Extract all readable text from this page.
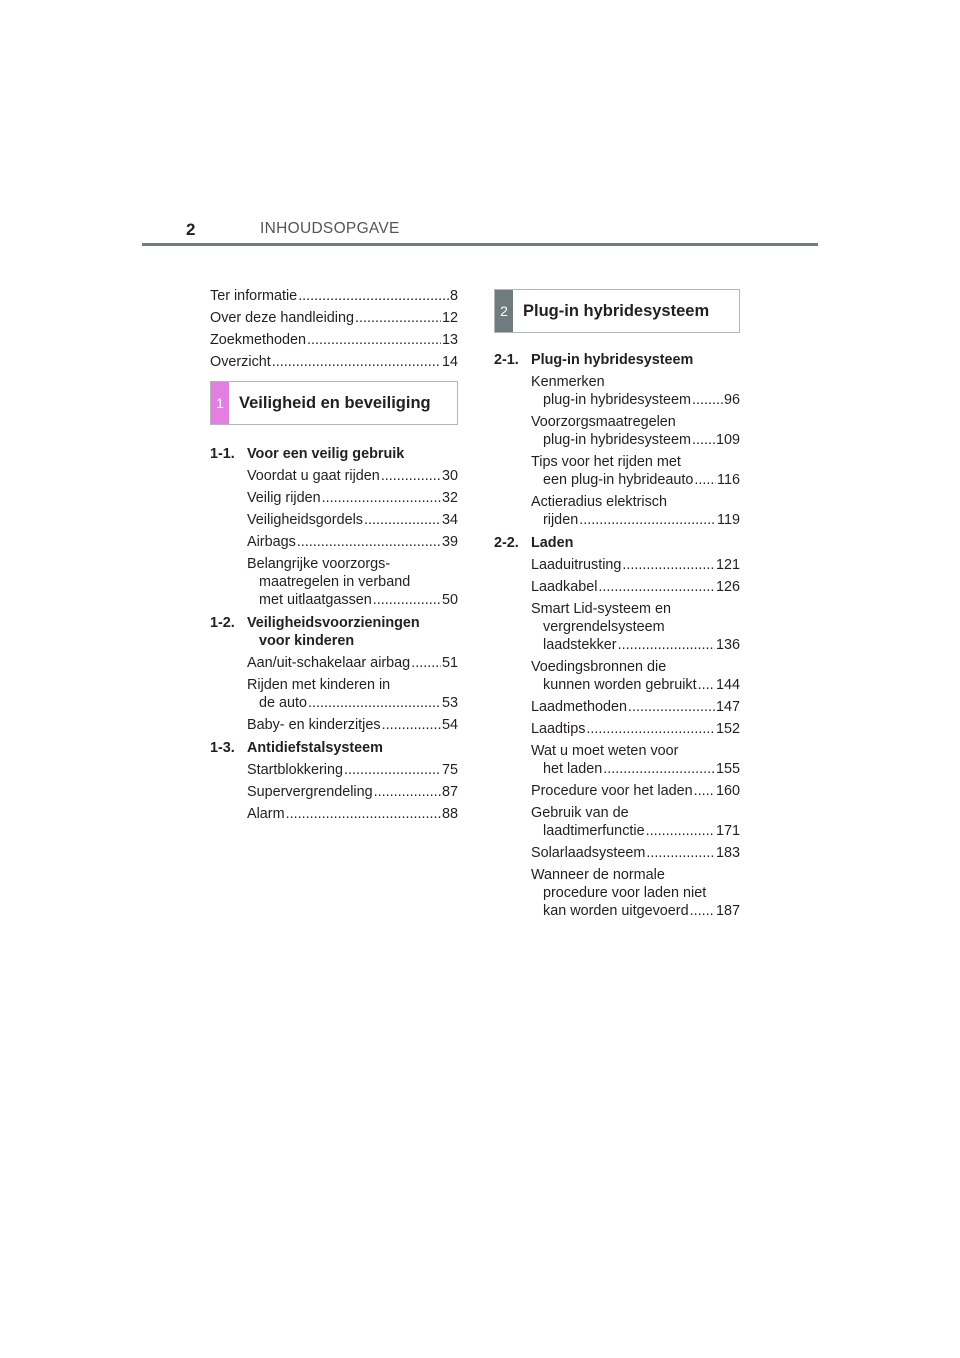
2	INHOUDSOPGAVE
Ter informatie .....	8
Over deze handleiding .....	12
Zoekmethoden .....	13
Overzicht .....	14
1 Veiligheid en beveiliging
1-1. Voor een veilig gebruik
Voordat u gaat rijden .....	30
Veilig rijden .....	32
Veiligheidsgordels .....	34
Airbags .....	39
Belangrijke voorzorgs-
maatregelen in verband
met uitlaatgassen .....	50
1-2. Veiligheidsvoorzieningen
voor kinderen
Aan/uit-schakelaar airbag ..... 51
Rijden met kinderen in
de auto .....	53
Baby- en kinderzitjes .....	54
1-3. Antidiefstalsysteem
Startblokkering .....	75
Supervergrendeling .....	87
Alarm .....	88
2 Plug-in hybridesysteem
2-1. Plug-in hybridesysteem
Kenmerken
plug-in hybridesysteem ..... 96
Voorzorgsmaatregelen
plug-in hybridesysteem ..... 109
Tips voor het rijden met
een plug-in hybrideauto ..... 116
Actieradius elektrisch
rijden .....	119
2-2. Laden
Laaduitrusting .....	121
Laadkabel .....	126
Smart Lid-systeem en
vergrendelsysteem
laadstekker .....	136
Voedingsbronnen die
kunnen worden gebruikt ..... 144
Laadmethoden .....	147
Laadtips .....	152
Wat u moet weten voor
het laden .....	155
Procedure voor het laden ..... 160
Gebruik van de
laadtimerfunctie .....	171
Solarlaadsysteem .....	183
Wanneer de normale
procedure voor laden niet
kan worden uitgevoerd ..... 187
